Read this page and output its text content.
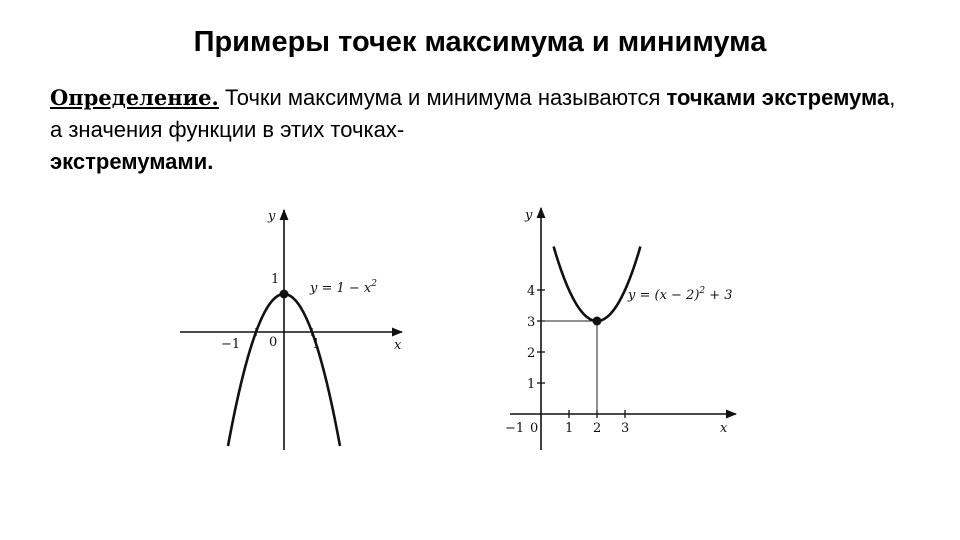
Примеры точек максимума и минимума
Определение. Точки максимума и минимума называются точками экстремума, а значения функции в этих точках-
экстремумами.
y
x
−1 0	1
1
$y = 1 - x^2$
y
x
−1 0 1 2 3
1
2
3
4	$y = (x - 2)^2 + 3$
